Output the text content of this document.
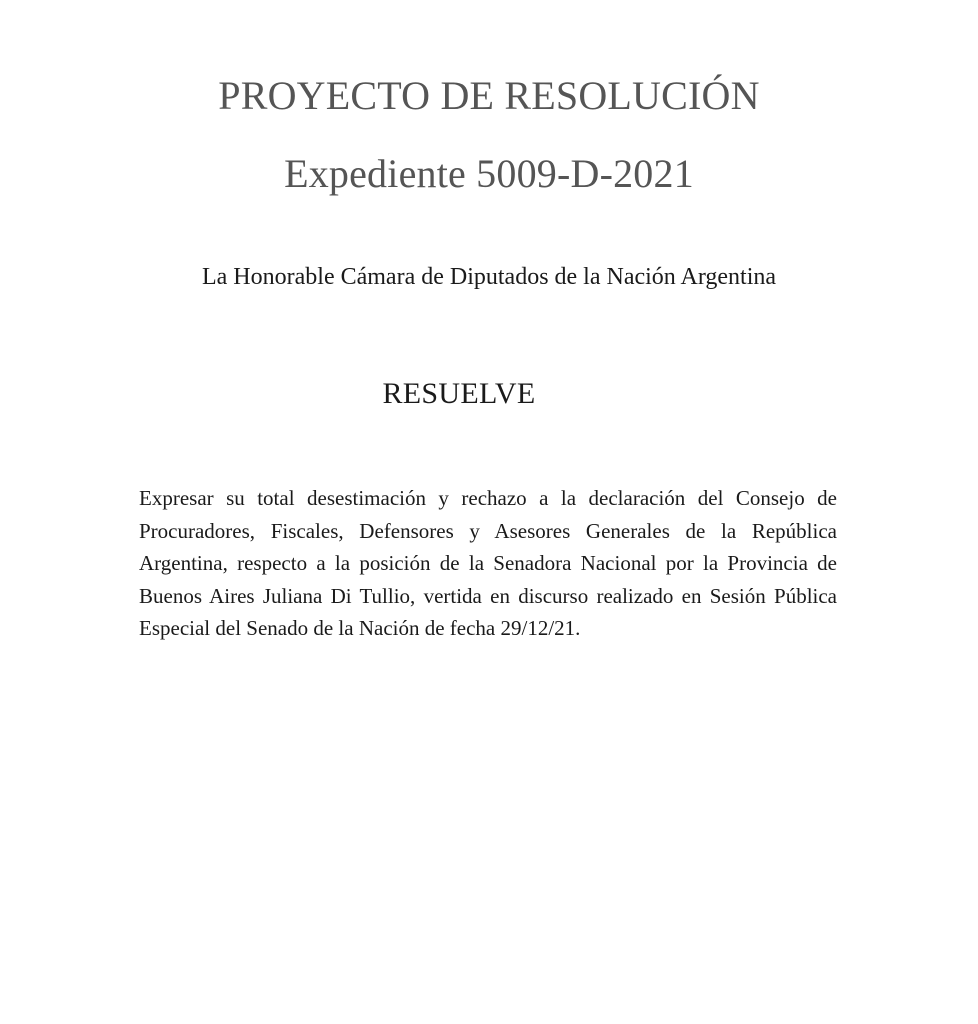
PROYECTO DE RESOLUCIÓN
Expediente 5009-D-2021
La Honorable Cámara de Diputados de la Nación Argentina
RESUELVE

Expresar su total desestimación y rechazo a la declaración del Consejo de Procuradores, Fiscales, Defensores y Asesores Generales de la República Argentina, respecto a la posición de la Senadora Nacional por la Provincia de Buenos Aires Juliana Di Tullio, vertida en discurso realizado en Sesión Pública Especial del Senado de la Nación de fecha 29/12/21.
